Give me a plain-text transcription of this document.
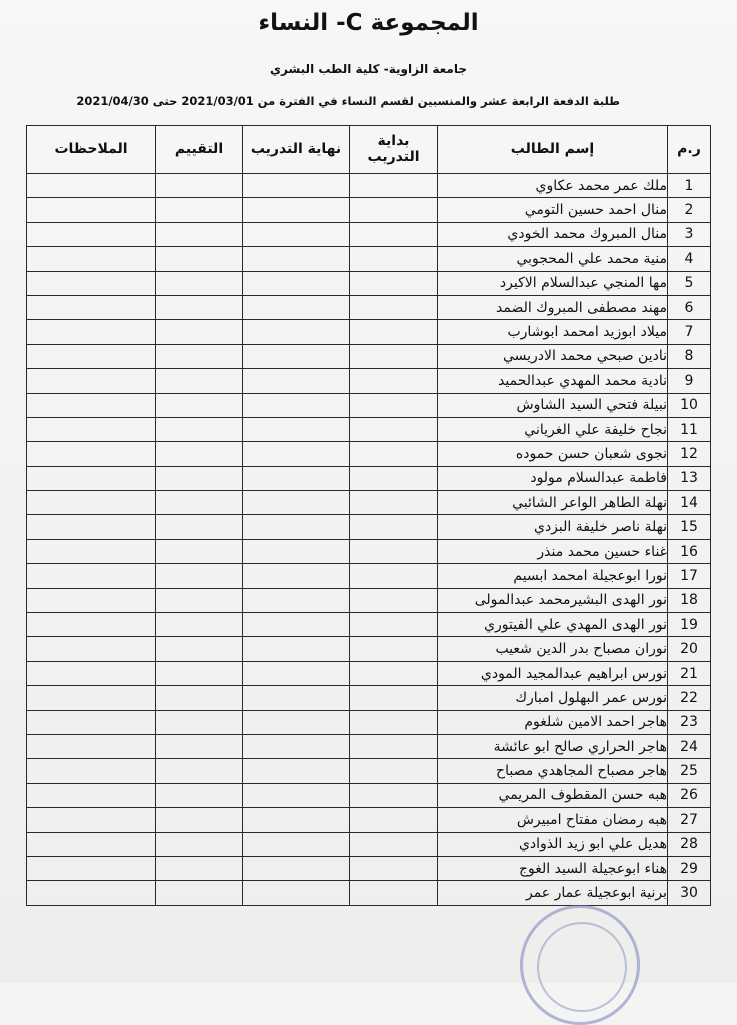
المجموعة C- النساء
جامعة الزاوية- كلية الطب البشري
طلبة الدفعة الرابعة عشر والمنسبين لقسم النساء في الفترة من 2021/03/01 حتى 2021/04/30
ر.م	إسم الطالب	بداية التدريب	نهاية التدريب	التقييم	الملاحظات
1	ملك عمر محمد عكاوي				
2	منال احمد حسين التومي				
3	منال المبروك محمد الخودي				
4	منية محمد علي المحجوبي				
5	مها المنجي عبدالسلام الاكيرد				
6	مهند مصطفى المبروك الضمد				
7	ميلاد ابوزيد امحمد ابوشارب				
8	نادين صبحي محمد الادريسي				
9	نادية محمد المهدي عبدالحميد				
10	نبيلة فتحي السيد الشاوش				
11	نجاح خليفة علي الغرياني				
12	نجوى شعبان حسن حموده				
13	فاطمة عبدالسلام مولود				
14	نهلة الطاهر الواعر الشائبي				
15	نهلة ناصر خليفة البزدي				
16	غناء حسين محمد منذر				
17	نورا ابوعجيلة امحمد ابسيم				
18	نور الهدى البشيرمحمد عبدالمولى				
19	نور الهدى المهدي علي الفيتوري				
20	نوران مصباح بدر الدين شعيب				
21	نورس ابراهيم عبدالمجيد المودي				
22	نورس عمر البهلول امبارك				
23	هاجر احمد الامين شلغوم				
24	هاجر الحراري صالح ابو عائشة				
25	هاجر مصباح المجاهدي مصباح				
26	هبه حسن المقطوف المريمي				
27	هبه رمضان مفتاح امبيرش				
28	هديل علي ابو زيد الذوادي				
29	هناء ابوعجيلة السيد الغوج				
30	برنية ابوعجيلة عمار عمر				
